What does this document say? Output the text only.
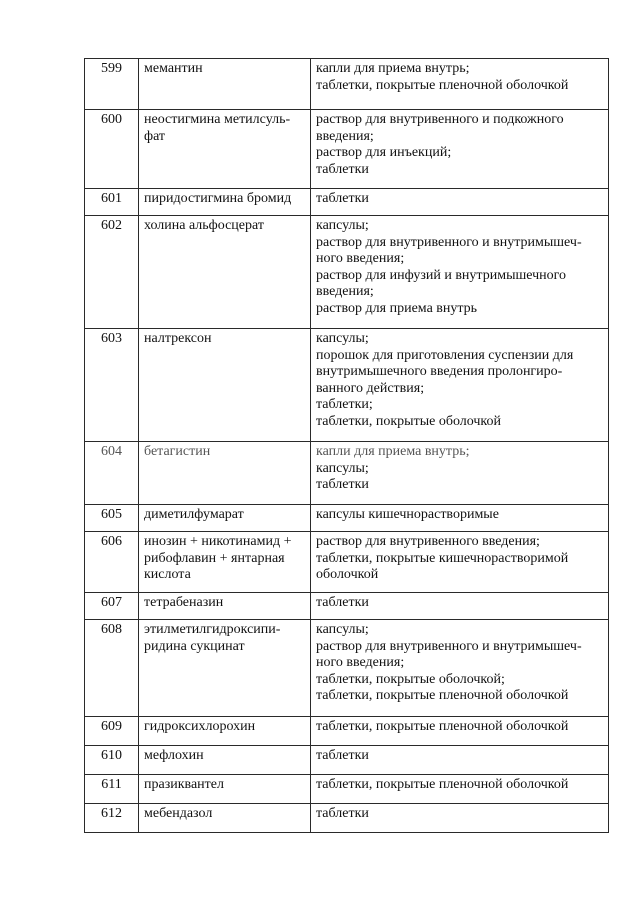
599	мемантин	капли для приема внутрь;
таблетки, покрытые пленочной оболочкой

600	неостигмина метилсуль-фат	раствор для внутривенного и подкожного введения;
раствор для инъекций;
таблетки

601	пиридостигмина бромид	таблетки

602	холина альфосцерат	капсулы;
раствор для внутривенного и внутримышеч-ного введения;
раствор для инфузий и внутримышечного введения;
раствор для приема внутрь

603	налтрексон	капсулы;
порошок для приготовления суспензии для внутримышечного введения пролонгиро-ванного действия;
таблетки;
таблетки, покрытые оболочкой

604	бетагистин	капли для приема внутрь;
капсулы;
таблетки

605	диметилфумарат	капсулы кишечнорастворимые

606	инозин + никотинамид + рибофлавин + янтарная кислота	раствор для внутривенного введения;
таблетки, покрытые кишечнорастворимой оболочкой

607	тетрабеназин	таблетки

608	этилметилгидроксипи-ридина сукцинат	капсулы;
раствор для внутривенного и внутримышеч-ного введения;
таблетки, покрытые оболочкой;
таблетки, покрытые пленочной оболочкой

609	гидроксихлорохин	таблетки, покрытые пленочной оболочкой

610	мефлохин	таблетки

611	празиквантел	таблетки, покрытые пленочной оболочкой

612	мебендазол	таблетки
